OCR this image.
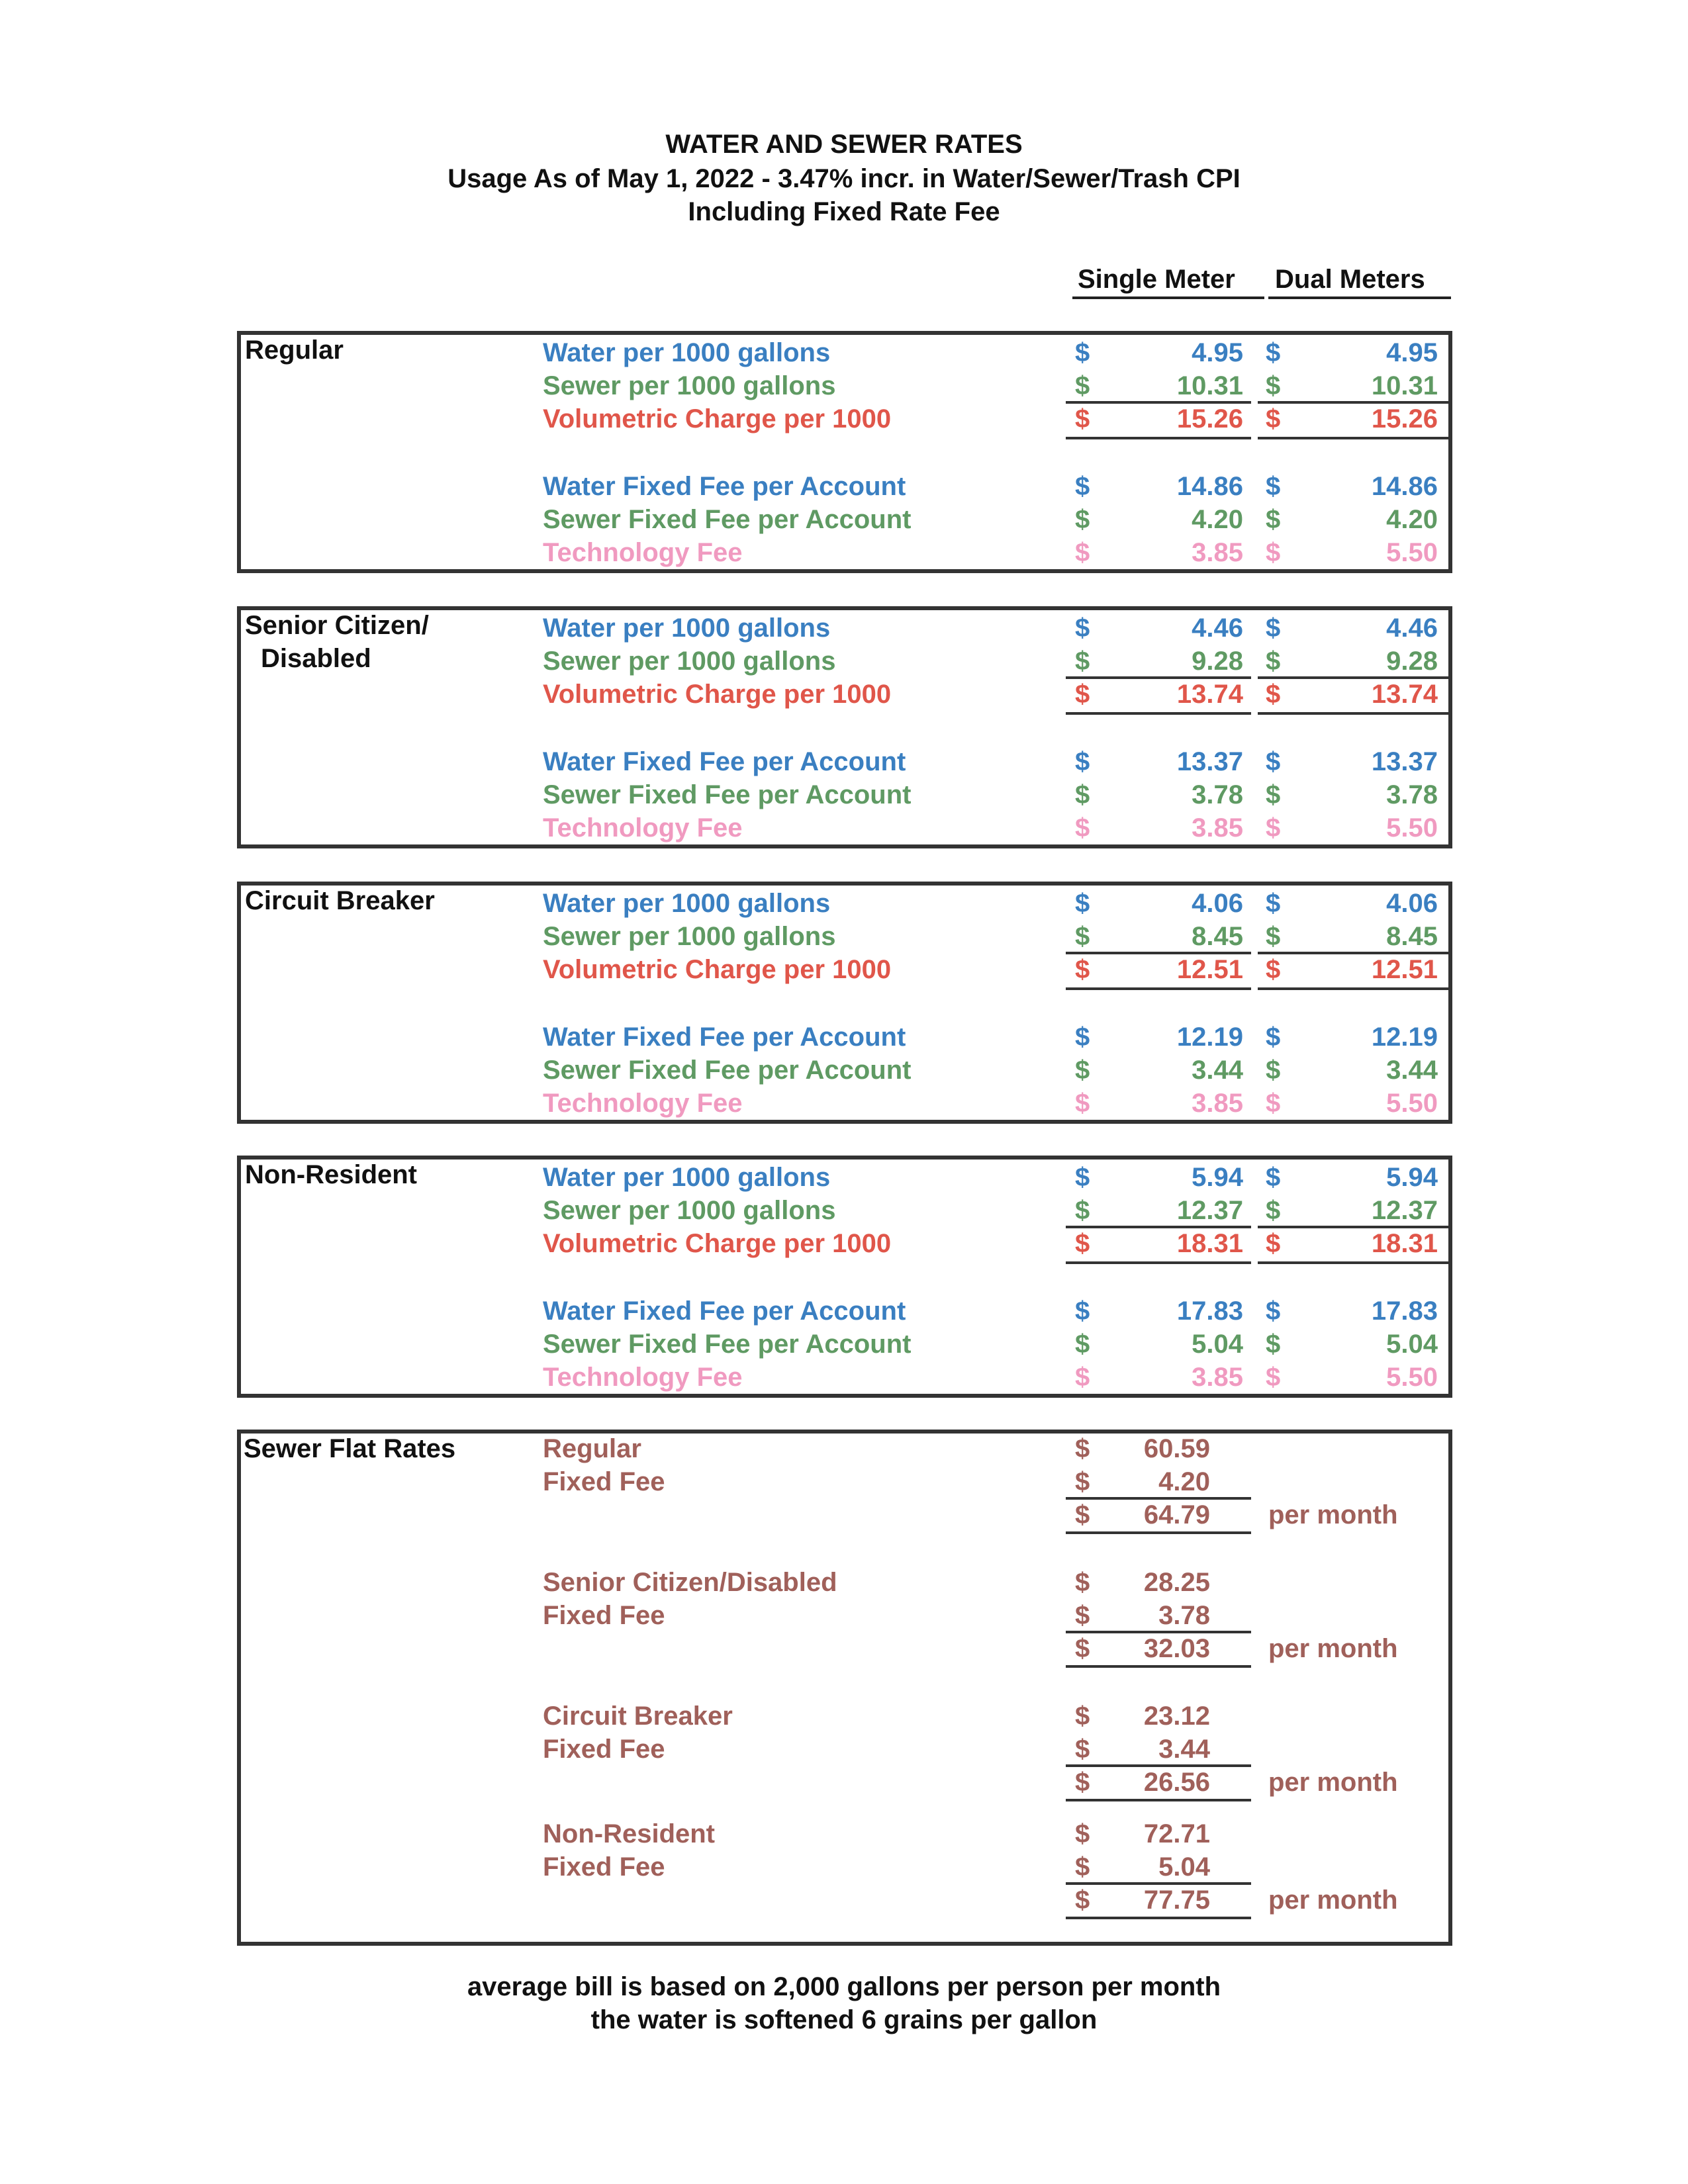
WATER AND SEWER RATES
Usage As of May 1, 2022 - 3.47% incr. in Water/Sewer/Trash CPI
Including Fixed Rate Fee
Single Meter Dual Meters
Regular	Water per 1000 gallons	$	4.95 $	4.95
Sewer per 1000 gallons	$	10.31 $	10.31
Volumetric Charge per 1000	$	15.26 $	15.26
Water Fixed Fee per Account	$	14.86 $	14.86
Sewer Fixed Fee per Account	$	4.20 $	4.20
Technology Fee	$	3.85 $	5.50
Senior Citizen/
Disabled
Water per 1000 gallons	$	4.46 $	4.46
Sewer per 1000 gallons	$	9.28 $	9.28
Volumetric Charge per 1000	$	13.74 $	13.74
Water Fixed Fee per Account	$	13.37 $	13.37
Sewer Fixed Fee per Account	$	3.78 $	3.78
Technology Fee	$	3.85 $	5.50
Circuit Breaker	Water per 1000 gallons	$	4.06 $	4.06
Sewer per 1000 gallons	$	8.45 $	8.45
Volumetric Charge per 1000	$	12.51 $	12.51
Water Fixed Fee per Account	$	12.19 $	12.19
Sewer Fixed Fee per Account	$	3.44 $	3.44
Technology Fee	$	3.85 $	5.50
Non-Resident	Water per 1000 gallons	$	5.94 $	5.94
Sewer per 1000 gallons	$	12.37 $	12.37
Volumetric Charge per 1000	$	18.31 $	18.31
Water Fixed Fee per Account	$	17.83 $	17.83
Sewer Fixed Fee per Account	$	5.04 $	5.04
Technology Fee	$	3.85 $	5.50
Sewer Flat Rates	Regular	$	60.59
Fixed Fee	$	4.20
$	64.79 per month
Senior Citizen/Disabled	$	28.25
Fixed Fee	$	3.78
$	32.03 per month
Circuit Breaker	$	23.12
Fixed Fee	$	3.44
$	26.56 per month
Non-Resident	$	72.71
Fixed Fee	$	5.04
$	77.75 per month
average bill is based on 2,000 gallons per person per month
the water is softened 6 grains per gallon
